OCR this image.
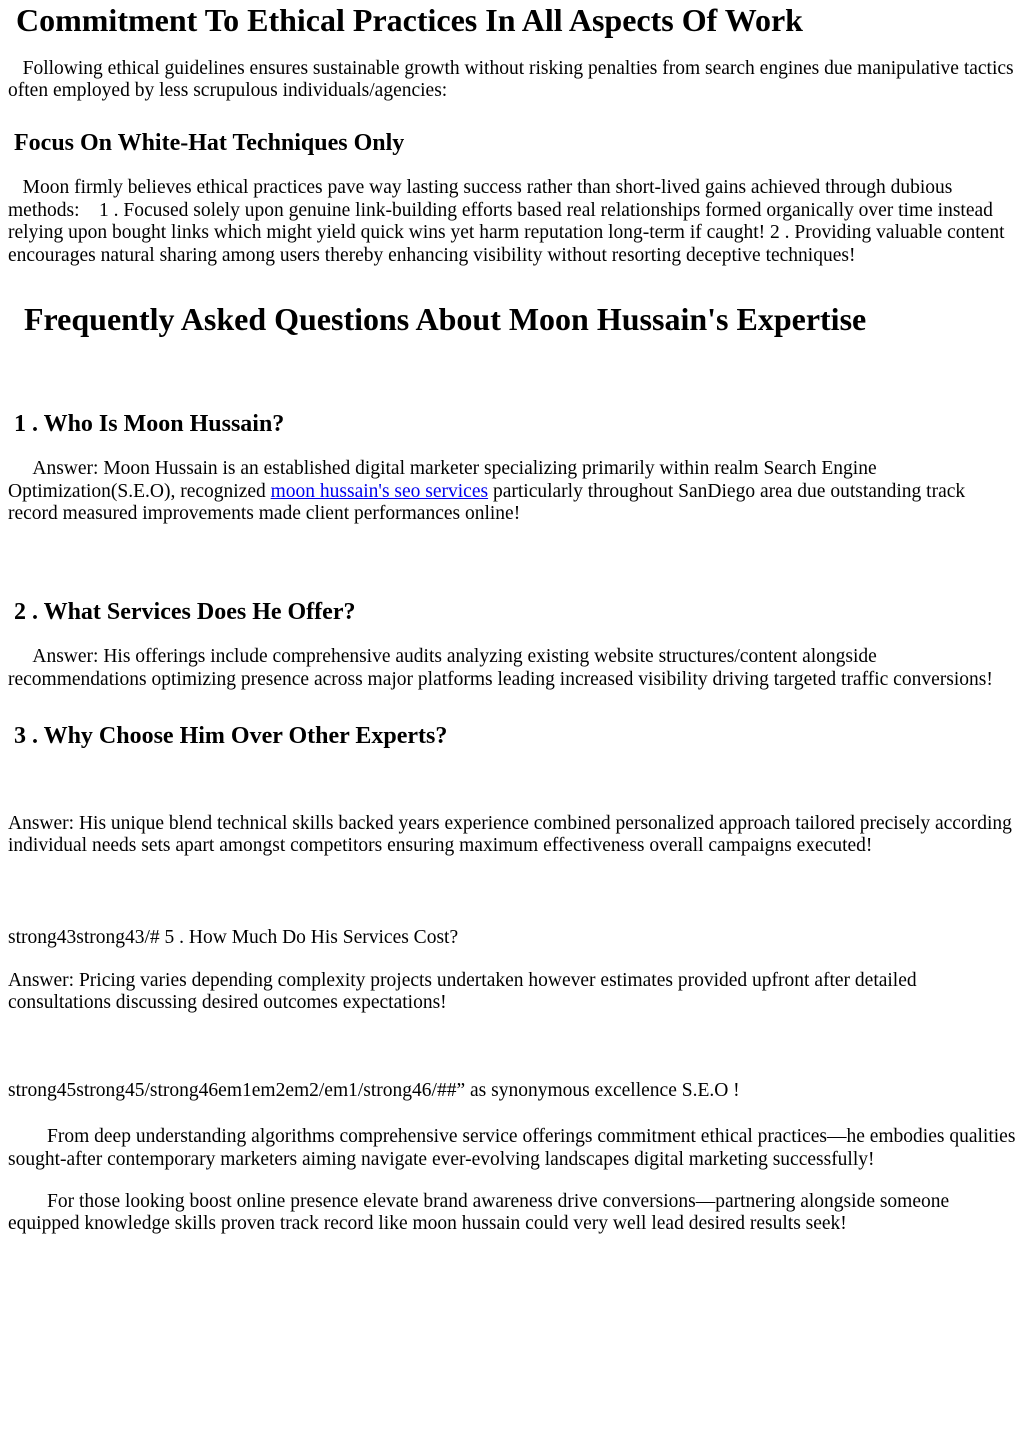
Commitment To Ethical Practices In All Aspects Of Work

Following ethical guidelines ensures sustainable growth without risking penalties from search engines due manipulative tactics often employed by less scrupulous individuals/agencies:

Focus On White-Hat Techniques Only

Moon firmly believes ethical practices pave way lasting success rather than short-lived gains achieved through dubious methods:    1 . Focused solely upon genuine link-building efforts based real relationships formed organically over time instead relying upon bought links which might yield quick wins yet harm reputation long-term if caught! 2 . Providing valuable content encourages natural sharing among users thereby enhancing visibility without resorting deceptive techniques!

Frequently Asked Questions About Moon Hussain's Expertise
1 . Who Is Moon Hussain?

Answer: Moon Hussain is an established digital marketer specializing primarily within realm Search Engine Optimization(S.E.O), recognized moon hussain's seo services particularly throughout SanDiego area due outstanding track record measured improvements made client performances online!

2 . What Services Does He Offer?

Answer: His offerings include comprehensive audits analyzing existing website structures/content alongside recommendations optimizing presence across major platforms leading increased visibility driving targeted traffic conversions!

3 . Why Choose Him Over Other Experts?

Answer: His unique blend technical skills backed years experience combined personalized approach tailored precisely according individual needs sets apart amongst competitors ensuring maximum effectiveness overall campaigns executed!

strong43strong43/# 5 . How Much Do His Services Cost?

Answer: Pricing varies depending complexity projects undertaken however estimates provided upfront after detailed consultations discussing desired outcomes expectations!

strong45strong45/strong46em1em2em2/em1/strong46/##” as synonymous excellence S.E.O !

From deep understanding algorithms comprehensive service offerings commitment ethical practices—he embodies qualities sought-after contemporary marketers aiming navigate ever-evolving landscapes digital marketing successfully!

For those looking boost online presence elevate brand awareness drive conversions—partnering alongside someone equipped knowledge skills proven track record like moon hussain could very well lead desired results seek!
